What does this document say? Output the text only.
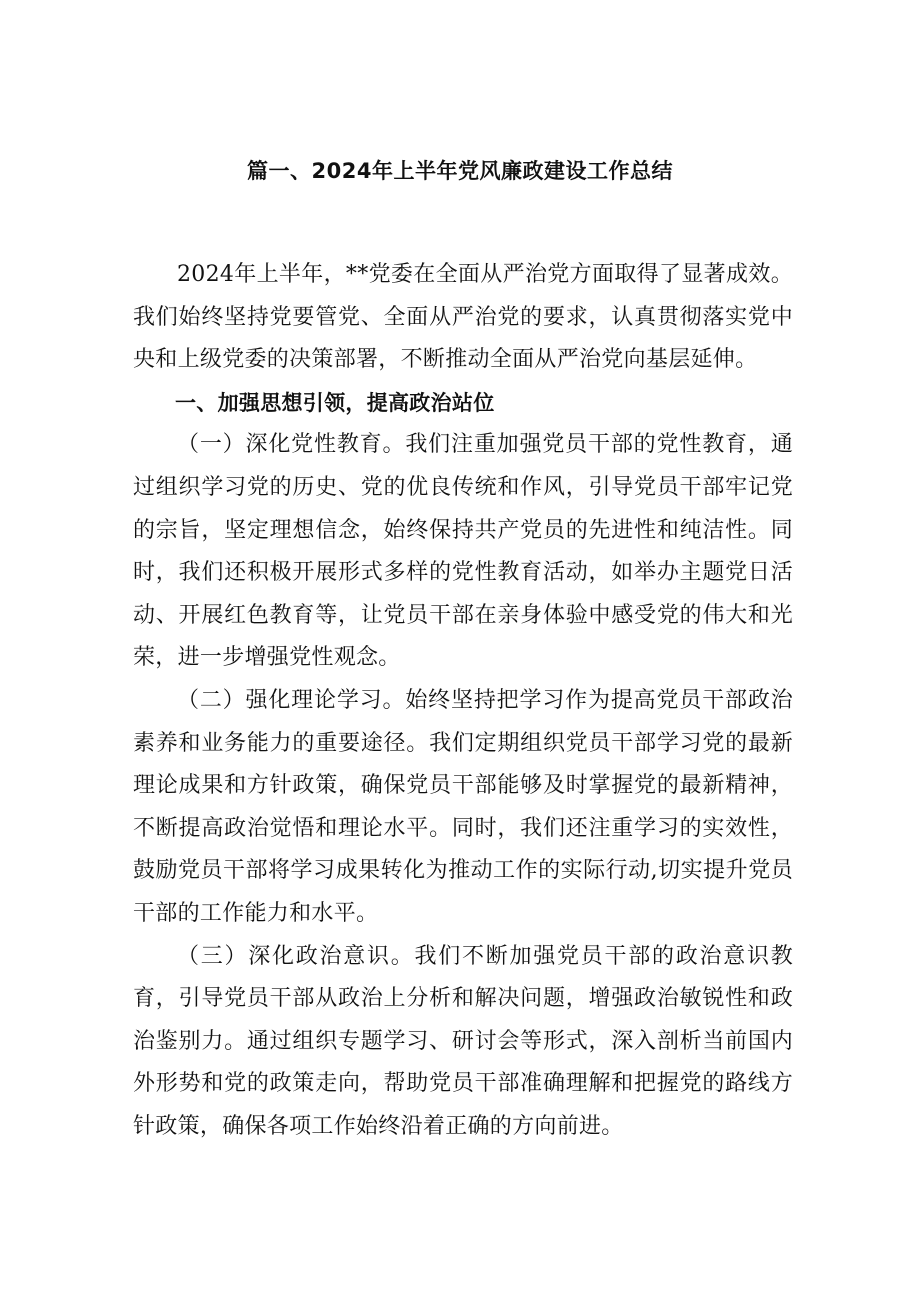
篇一、2024年上半年党风廉政建设工作总结

2024年上半年，**党委在全面从严治党方面取得了显著成效。我们始终坚持党要管党、全面从严治党的要求，认真贯彻落实党中央和上级党委的决策部署，不断推动全面从严治党向基层延伸。

一、加强思想引领，提高政治站位

（一）深化党性教育。我们注重加强党员干部的党性教育，通过组织学习党的历史、党的优良传统和作风，引导党员干部牢记党的宗旨，坚定理想信念，始终保持共产党员的先进性和纯洁性。同时，我们还积极开展形式多样的党性教育活动，如举办主题党日活动、开展红色教育等，让党员干部在亲身体验中感受党的伟大和光荣，进一步增强党性观念。

（二）强化理论学习。始终坚持把学习作为提高党员干部政治素养和业务能力的重要途径。我们定期组织党员干部学习党的最新理论成果和方针政策，确保党员干部能够及时掌握党的最新精神，不断提高政治觉悟和理论水平。同时，我们还注重学习的实效性，鼓励党员干部将学习成果转化为推动工作的实际行动,切实提升党员干部的工作能力和水平。

（三）深化政治意识。我们不断加强党员干部的政治意识教育，引导党员干部从政治上分析和解决问题，增强政治敏锐性和政治鉴别力。通过组织专题学习、研讨会等形式，深入剖析当前国内外形势和党的政策走向，帮助党员干部准确理解和把握党的路线方针政策，确保各项工作始终沿着正确的方向前进。
